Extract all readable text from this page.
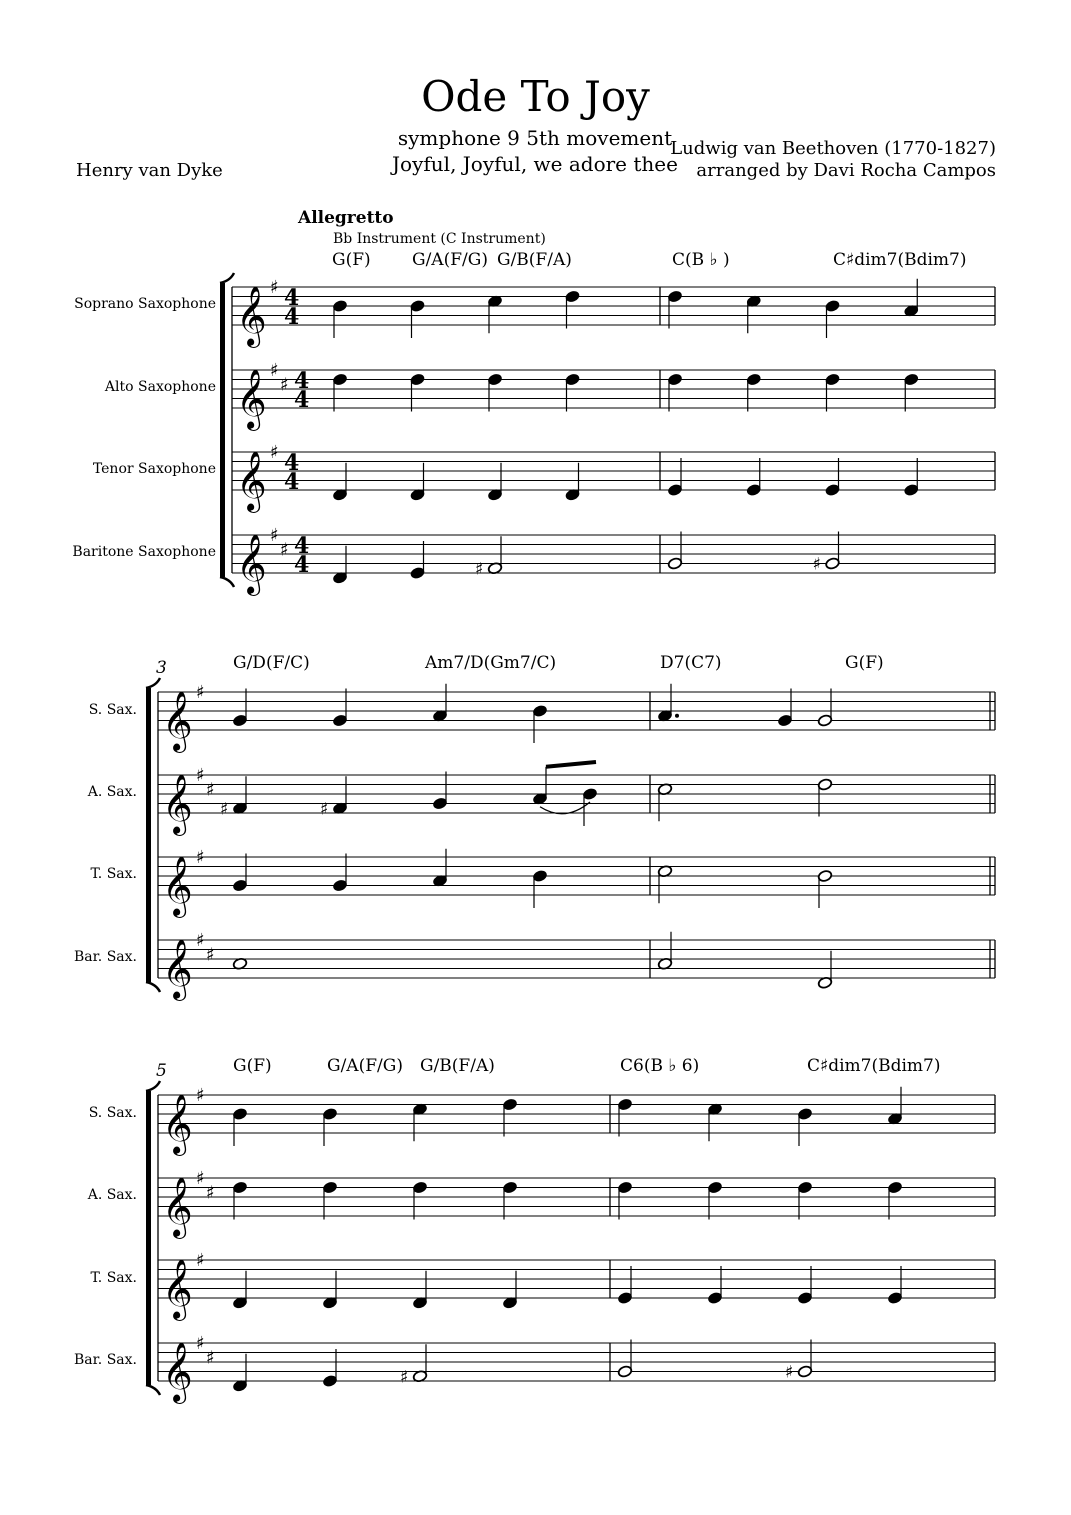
Ode To Joy
symphone 9 5th movement
Joyful, Joyful, we adore thee
Henry van Dyke
Ludwig van Beethoven (1770-1827)
arranged by Davi Rocha Campos
Allegretto
Bb Instrument (C Instrument)
G(F) G/A(F/G) G/B(F/A)	C(B ♭ )	C♯dim7(Bdim7)
3	G/D(F/C)	Am7/D(Gm7/C)	D7(C7)	G(F)
5	G(F)	G/A(F/G) G/B(F/A)	C6(B ♭ 6)	C♯dim7(Bdim7)
Soprano Saxophone
Alto Saxophone
Tenor Saxophone
Baritone Saxophone
S. Sax.
A. Sax.
T. Sax.
Bar. Sax.
S. Sax.
A. Sax.
T. Sax.
Bar. Sax.
𝄞 ♯ 4
4
𝄞 ♯
♯ 4
4
𝄞 ♯ 4
4
𝄞 ♯
♯ 4
4	♯	♯
𝄞 ♯
𝄞 ♯
♯
♯	♯
𝄞 ♯
𝄞 ♯
♯
𝄞 ♯
𝄞 ♯
♯
𝄞 ♯
𝄞 ♯
♯
♯	♯
